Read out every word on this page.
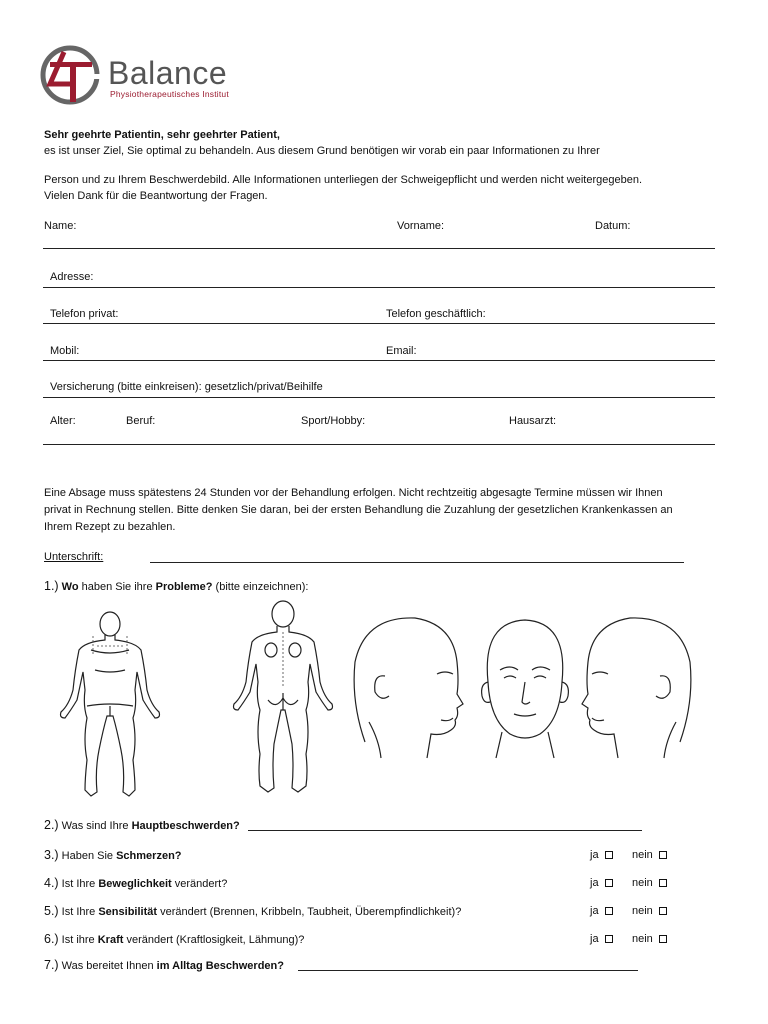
Balance
Physiotherapeutisches Institut
Sehr geehrte Patientin, sehr geehrter Patient,
es ist unser Ziel, Sie optimal zu behandeln. Aus diesem Grund benötigen wir vorab ein paar Informationen zu Ihrer
Person und zu Ihrem Beschwerdebild. Alle Informationen unterliegen der Schweigepflicht und werden nicht weitergegeben.
Vielen Dank für die Beantwortung der Fragen.
Name:	Vorname:	Datum:
Adresse:
Telefon privat:	Telefon geschäftlich:
Mobil:	Email:
Versicherung (bitte einkreisen): gesetzlich/privat/Beihilfe
Alter:	Beruf:	Sport/Hobby:	Hausarzt:
Eine Absage muss spätestens 24 Stunden vor der Behandlung erfolgen. Nicht rechtzeitig abgesagte Termine müssen wir Ihnen
privat in Rechnung stellen. Bitte denken Sie daran, bei der ersten Behandlung die Zuzahlung der gesetzlichen Krankenkassen an
Ihrem Rezept zu bezahlen.
Unterschrift:
1.) Wo haben Sie ihre Probleme? (bitte einzeichnen):
2.) Was sind Ihre Hauptbeschwerden?
3.) Haben Sie Schmerzen?	ja	nein
4.) Ist Ihre Beweglichkeit verändert?	ja	nein
5.) Ist Ihre Sensibilität verändert (Brennen, Kribbeln, Taubheit, Überempfindlichkeit)?	ja	nein
6.) Ist ihre Kraft verändert (Kraftlosigkeit, Lähmung)?	ja	nein
7.) Was bereitet Ihnen im Alltag Beschwerden?
